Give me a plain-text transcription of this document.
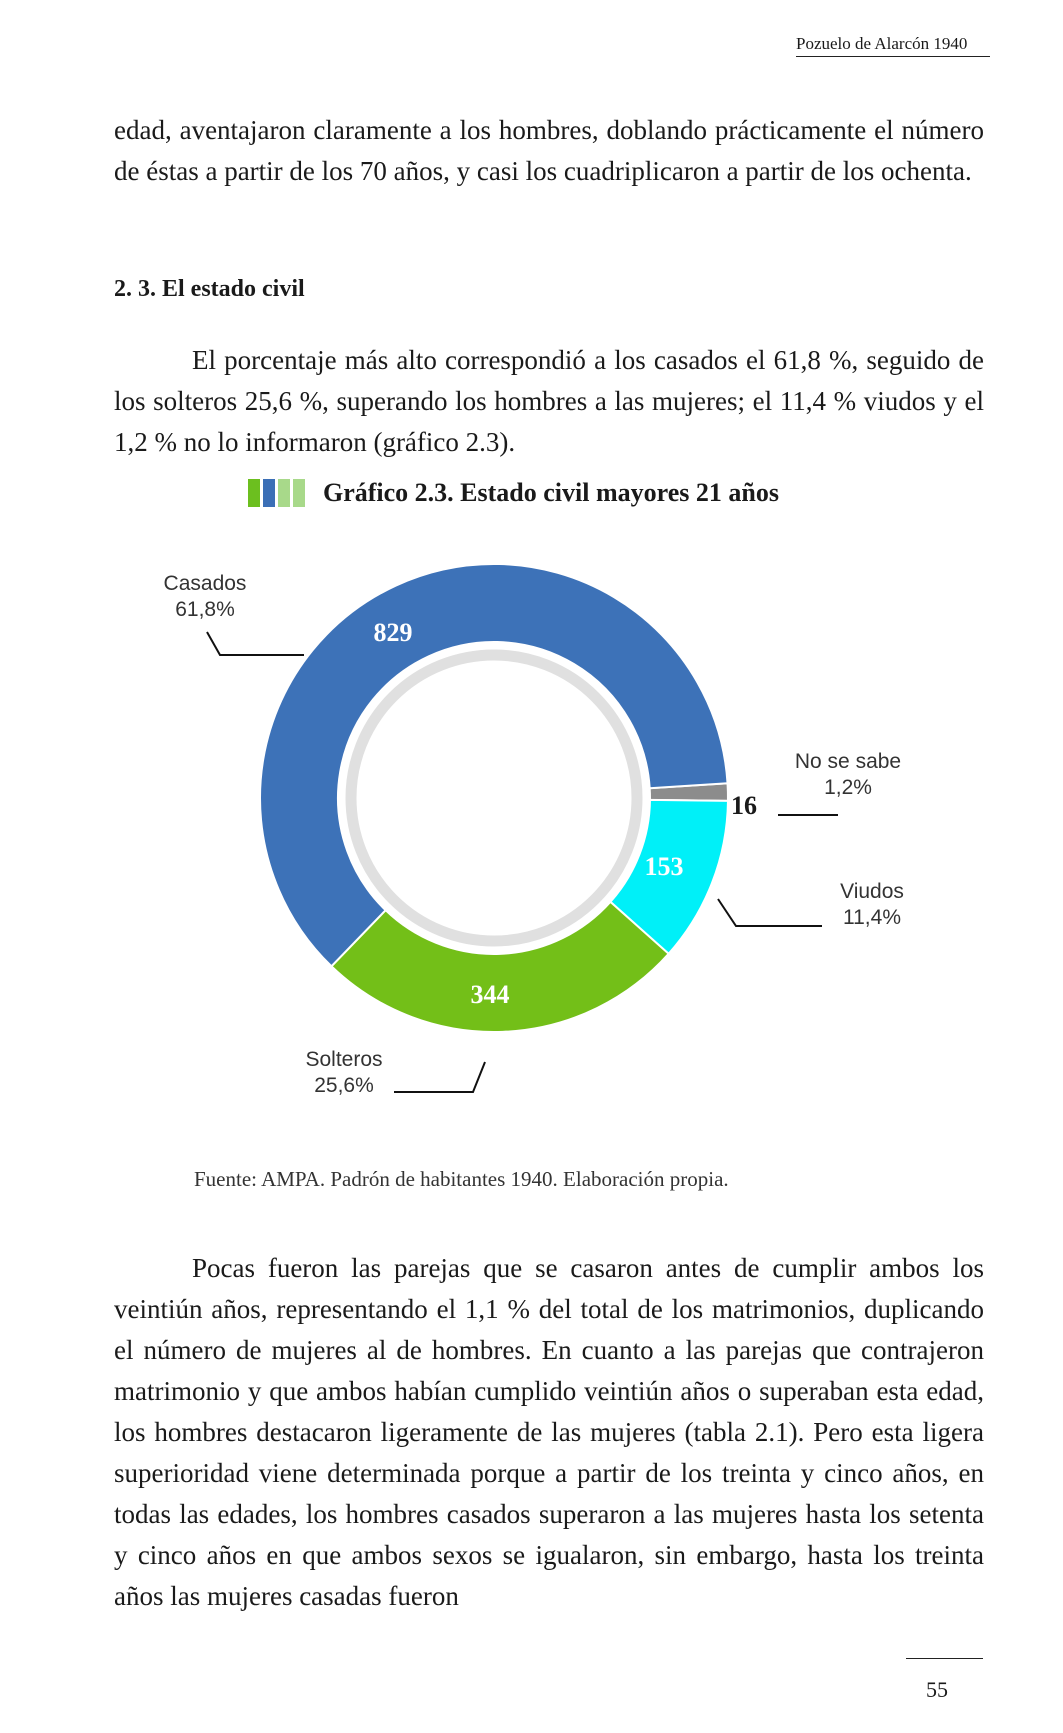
Pozuelo de Alarcón 1940

edad, aventajaron claramente a los hombres, doblando prácticamente el número de éstas a partir de los 70 años, y casi los cuadriplicaron a partir de los ochenta.

2. 3. El estado civil

El porcentaje más alto correspondió a los casados el 61,8 %, seguido de los solteros 25,6 %, superando los hombres a las mujeres; el 11,4 % viudos y el 1,2 % no lo informaron (gráfico 2.3).

Gráfico 2.3. Estado civil mayores 21 años
16
No se sabe
1,2%
153
Viudos
11,4%
344
Solteros
25,6%
829
Casados
61,8%
Fuente: AMPA. Padrón de habitantes 1940. Elaboración propia.

Pocas fueron las parejas que se casaron antes de cumplir ambos los veintiún años, representando el 1,1 % del total de los matrimonios, duplicando el número de mujeres al de hombres. En cuanto a las parejas que contrajeron matrimonio y que ambos habían cumplido veintiún años o superaban esta edad, los hombres destacaron ligeramente de las mujeres (tabla 2.1). Pero esta ligera superioridad viene determinada porque a partir de los treinta y cinco años, en todas las edades, los hombres casados superaron a las mujeres hasta los setenta y cinco años en que ambos sexos se igualaron, sin embargo, hasta los treinta años las mujeres casadas fueron

55
